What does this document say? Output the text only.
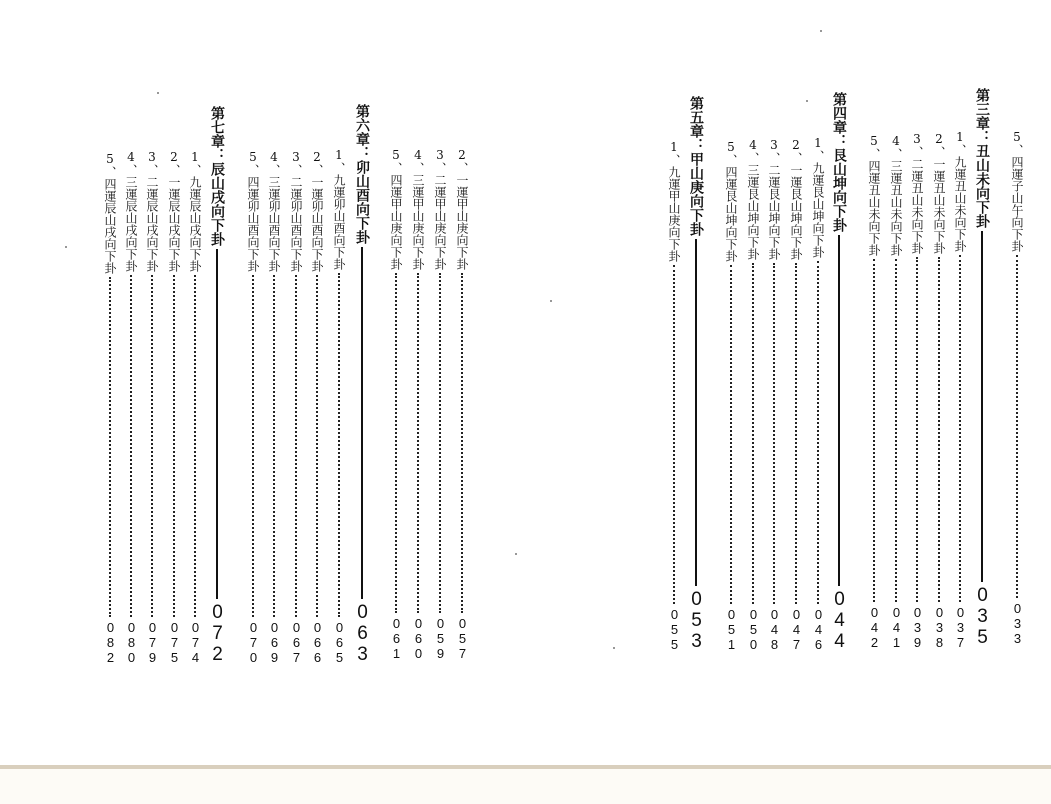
5、四運辰山戌向下卦
082
4、三運辰山戌向下卦
080
3、二運辰山戌向下卦
079
2、一運辰山戌向下卦
075
1、九運辰山戌向下卦
074
第七章：辰山戌向下卦
072
5、四運卯山酉向下卦
070
4、三運卯山酉向下卦
069
3、二運卯山酉向下卦
067
2、一運卯山酉向下卦
066
1、九運卯山酉向下卦
065
第六章：卯山酉向下卦
063
5、四運甲山庚向下卦
061
4、三運甲山庚向下卦
060
3、二運甲山庚向下卦
059
2、一運甲山庚向下卦
057
1、九運甲山庚向下卦
055
第五章：甲山庚向下卦
053
5、四運艮山坤向下卦
051
4、三運艮山坤向下卦
050
3、二運艮山坤向下卦
048
2、一運艮山坤向下卦
047
1、九運艮山坤向下卦
046
第四章：艮山坤向下卦
044
5、四運丑山未向下卦
042
4、三運丑山未向下卦
041
3、二運丑山未向下卦
039
2、一運丑山未向下卦
038
1、九運丑山未向下卦
037
第三章：丑山未向下卦
035
5、四運子山午向下卦
033
